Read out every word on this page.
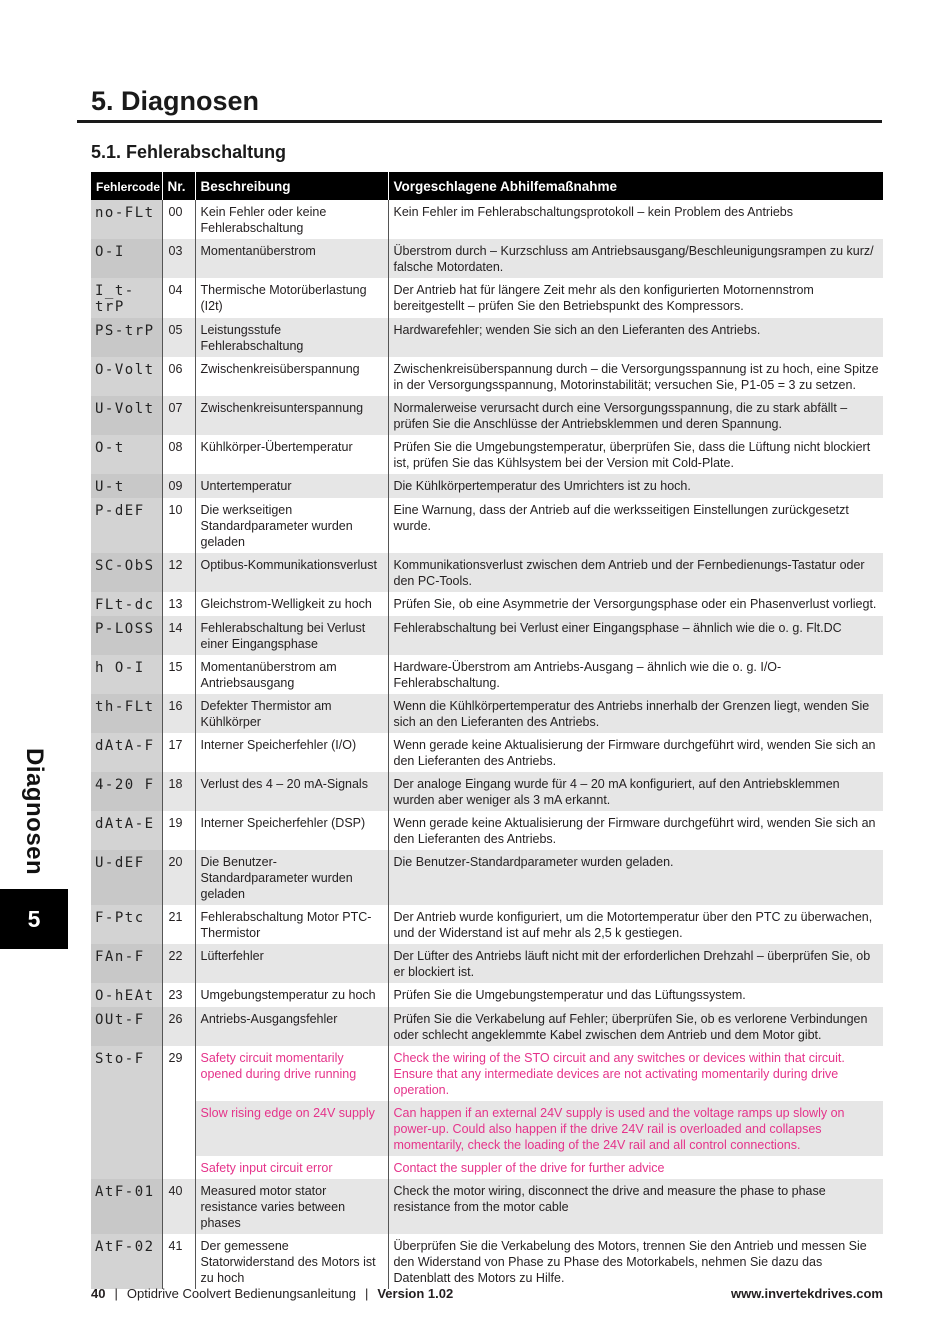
5. Diagnosen
5.1. Fehlerabschaltung
Fehlercode	Nr.	Beschreibung	Vorgeschlagene Abhilfemaßnahme
no-FLt	00	Kein Fehler oder keine Fehlerabschaltung	Kein Fehler im Fehlerabschaltungsprotokoll – kein Problem des Antriebs
O-I	03	Momentanüberstrom	Überstrom durch – Kurzschluss am Antriebsausgang/Beschleunigungsrampen zu kurz/ falsche Motordaten.
I_t-trP	04	Thermische Motorüberlastung (I2t)	Der Antrieb hat für längere Zeit mehr als den konfigurierten Motornennstrom bereitgestellt – prüfen Sie den Betriebspunkt des Kompressors.
PS-trP	05	Leistungsstufe Fehlerabschaltung	Hardwarefehler; wenden Sie sich an den Lieferanten des Antriebs.
O-Volt	06	Zwischenkreisüberspannung	Zwischenkreisüberspannung durch – die Versorgungsspannung ist zu hoch, eine Spitze in der Versorgungsspannung, Motorinstabilität; versuchen Sie, P1-05 = 3 zu setzen.
U-Volt	07	Zwischenkreisunterspannung	Normalerweise verursacht durch eine Versorgungsspannung, die zu stark abfällt – prüfen Sie die Anschlüsse der Antriebsklemmen und deren Spannung.
O-t	08	Kühlkörper-Übertemperatur	Prüfen Sie die Umgebungstemperatur, überprüfen Sie, dass die Lüftung nicht blockiert ist, prüfen Sie das Kühlsystem bei der Version mit Cold-Plate.
U-t	09	Untertemperatur	Die Kühlkörpertemperatur des Umrichters ist zu hoch.
P-dEF	10	Die werkseitigen Standardparameter wurden geladen	Eine Warnung, dass der Antrieb auf die werksseitigen Einstellungen zurückgesetzt wurde.
SC-ObS	12	Optibus-Kommunikationsverlust	Kommunikationsverlust zwischen dem Antrieb und der Fernbedienungs-Tastatur oder den PC-Tools.
FLt-dc	13	Gleichstrom-Welligkeit zu hoch	Prüfen Sie, ob eine Asymmetrie der Versorgungsphase oder ein Phasenverlust vorliegt.
P-LOSS	14	Fehlerabschaltung bei Verlust einer Eingangsphase	Fehlerabschaltung bei Verlust einer Eingangsphase – ähnlich wie die o. g. Flt.DC
h O-I	15	Momentanüberstrom am Antriebsausgang	Hardware-Überstrom am Antriebs-Ausgang – ähnlich wie die o. g. I/O-Fehlerabschaltung.
th-FLt	16	Defekter Thermistor am Kühlkörper	Wenn die Kühlkörpertemperatur des Antriebs innerhalb der Grenzen liegt, wenden Sie sich an den Lieferanten des Antriebs.
dAtA-F	17	Interner Speicherfehler (I/O)	Wenn gerade keine Aktualisierung der Firmware durchgeführt wird, wenden Sie sich an den Lieferanten des Antriebs.
4-20 F	18	Verlust des 4 – 20 mA-Signals	Der analoge Eingang wurde für 4 – 20 mA konfiguriert, auf den Antriebsklemmen wurden aber weniger als 3 mA erkannt.
dAtA-E	19	Interner Speicherfehler (DSP)	Wenn gerade keine Aktualisierung der Firmware durchgeführt wird, wenden Sie sich an den Lieferanten des Antriebs.
U-dEF	20	Die Benutzer-Standardparameter wurden geladen	Die Benutzer-Standardparameter wurden geladen.
F-Ptc	21	Fehlerabschaltung Motor PTC-Thermistor	Der Antrieb wurde konfiguriert, um die Motortemperatur über den PTC zu überwachen, und der Widerstand ist auf mehr als 2,5 k gestiegen.
FAn-F	22	Lüfterfehler	Der Lüfter des Antriebs läuft nicht mit der erforderlichen Drehzahl – überprüfen Sie, ob er blockiert ist.
O-hEAt	23	Umgebungstemperatur zu hoch	Prüfen Sie die Umgebungstemperatur und das Lüftungssystem.
OUt-F	26	Antriebs-Ausgangsfehler	Prüfen Sie die Verkabelung auf Fehler; überprüfen Sie, ob es verlorene Verbindungen oder schlecht angeklemmte Kabel zwischen dem Antrieb und dem Motor gibt.
Sto-F	29	Safety circuit momentarily opened during drive running	Check the wiring of the STO circuit and any switches or devices within that circuit. Ensure that any intermediate devices are not activating momentarily during drive operation.
		Slow rising edge on 24V supply	Can happen if an external 24V supply is used and the voltage ramps up slowly on power-up. Could also happen if the drive 24V rail is overloaded and collapses momentarily, check the loading of the 24V rail and all control connections.
		Safety input circuit error	Contact the suppler of the drive for further advice
AtF-01	40	Measured motor stator resistance varies between phases	Check the motor wiring, disconnect the drive and measure the phase to phase resistance from the motor cable
AtF-02	41	Der gemessene Statorwiderstand des Motors ist zu hoch	Überprüfen Sie die Verkabelung des Motors, trennen Sie den Antrieb und messen Sie den Widerstand von Phase zu Phase des Motorkabels, nehmen Sie dazu das Datenblatt des Motors zu Hilfe.
Diagnosen
5
40 | Optidrive Coolvert Bedienungsanleitung | Version 1.02	www.invertekdrives.com
